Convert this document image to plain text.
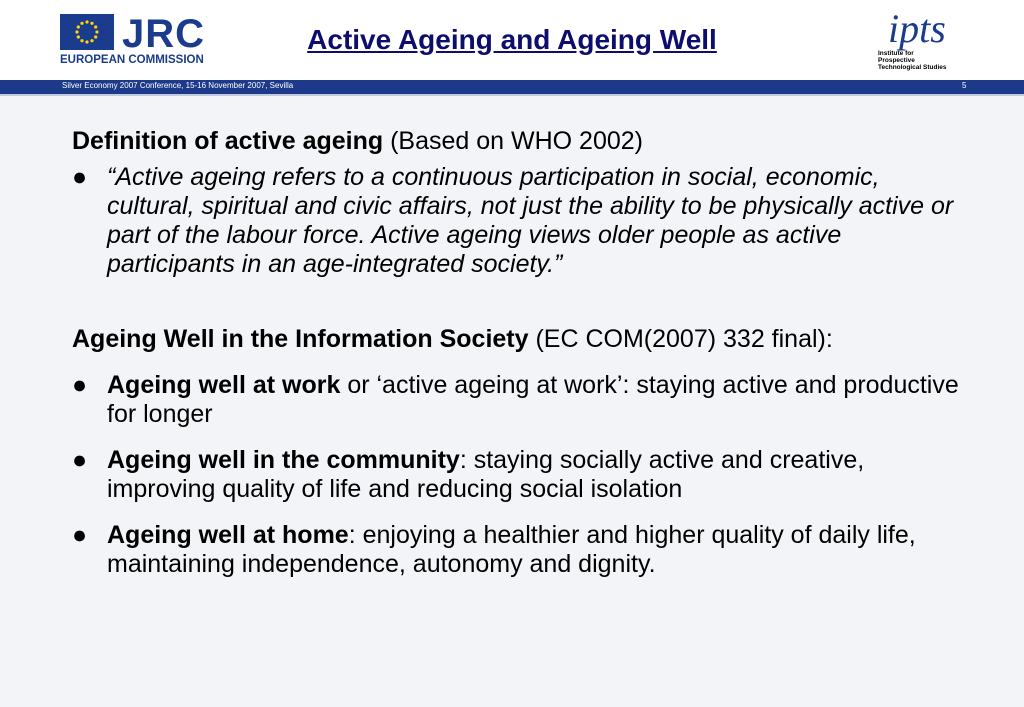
JRC
EUROPEAN COMMISSION
Active Ageing and Ageing Well	ipts
Institute for
Prospective
Technological Studies
Silver Economy 2007 Conference, 15-16 November 2007, Sevilla	5

Definition of active ageing (Based on WHO 2002)

● “Active ageing refers to a continuous participation in social, economic, cultural, spiritual and civic affairs, not just the ability to be physically active or part of the labour force. Active ageing views older people as active participants in an age-integrated society.”

Ageing Well in the Information Society (EC COM(2007) 332 final):

● Ageing well at work or ‘active ageing at work’: staying active and productive for longer
● Ageing well in the community: staying socially active and creative, improving quality of life and reducing social isolation
● Ageing well at home: enjoying a healthier and higher quality of daily life, maintaining independence, autonomy and dignity.
